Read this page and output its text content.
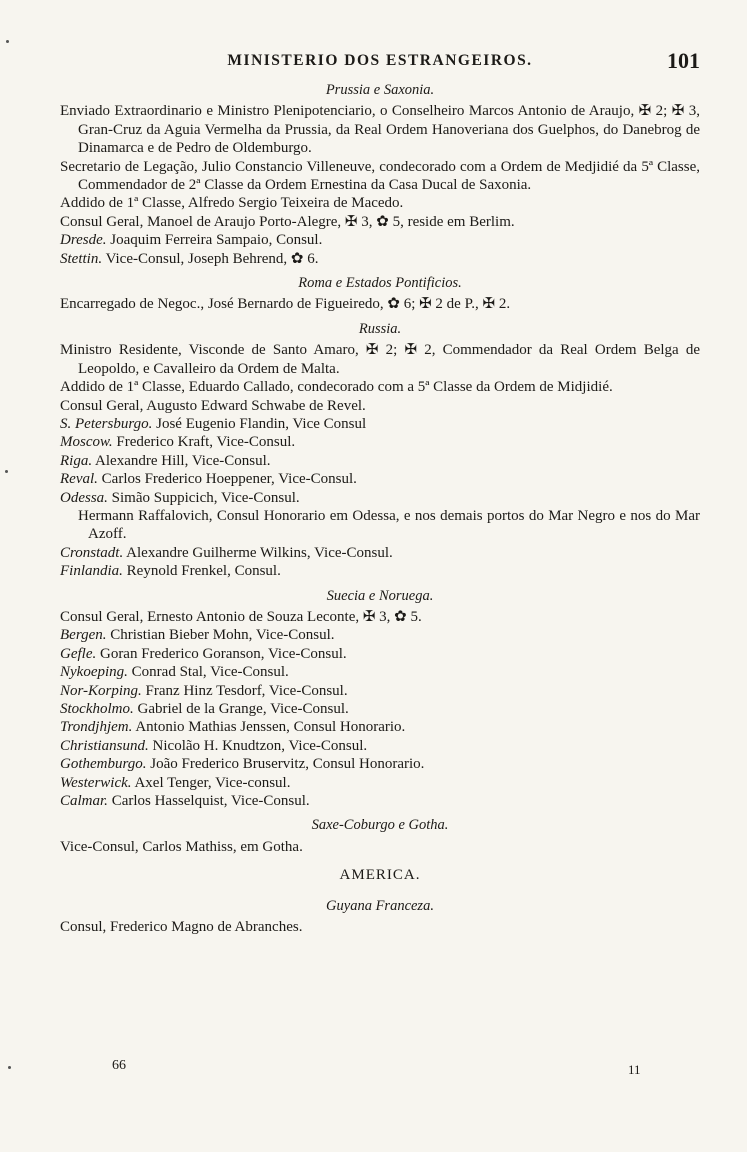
MINISTERIO DOS ESTRANGEIROS.	101
Prussia e Saxonia.

Enviado Extraordinario e Ministro Plenipotenciario, o Conselheiro Marcos Antonio de Araujo, ✠ 2; ✠ 3, Gran-Cruz da Aguia Vermelha da Prussia, da Real Ordem Hanoveriana dos Guelphos, do Danebrog de Dinamarca e de Pedro de Oldemburgo.

Secretario de Legação, Julio Constancio Villeneuve, condecorado com a Ordem de Medjidié da 5ª Classe, Commendador de 2ª Classe da Ordem Ernestina da Casa Ducal de Saxonia.

Addido de 1ª Classe, Alfredo Sergio Teixeira de Macedo.

Consul Geral, Manoel de Araujo Porto-Alegre, ✠ 3, ✿ 5, reside em Berlim.

Dresde. Joaquim Ferreira Sampaio, Consul.

Stettin. Vice-Consul, Joseph Behrend, ✿ 6.

Roma e Estados Pontificios.

Encarregado de Negoc., José Bernardo de Figueiredo, ✿ 6; ✠ 2 de P., ✠ 2.

Russia.

Ministro Residente, Visconde de Santo Amaro, ✠ 2; ✠ 2, Commendador da Real Ordem Belga de Leopoldo, e Cavalleiro da Ordem de Malta.

Addido de 1ª Classe, Eduardo Callado, condecorado com a 5ª Classe da Ordem de Midjidié.

Consul Geral, Augusto Edward Schwabe de Revel.

S. Petersburgo. José Eugenio Flandin, Vice Consul

Moscow. Frederico Kraft, Vice-Consul.

Riga. Alexandre Hill, Vice-Consul.

Reval. Carlos Frederico Hoeppener, Vice-Consul.

Odessa. Simão Suppicich, Vice-Consul.

Hermann Raffalovich, Consul Honorario em Odessa, e nos demais portos do Mar Negro e nos do Mar Azoff.

Cronstadt. Alexandre Guilherme Wilkins, Vice-Consul.

Finlandia. Reynold Frenkel, Consul.

Suecia e Noruega.

Consul Geral, Ernesto Antonio de Souza Leconte, ✠ 3, ✿ 5.

Bergen. Christian Bieber Mohn, Vice-Consul.

Gefle. Goran Frederico Goranson, Vice-Consul.

Nykoeping. Conrad Stal, Vice-Consul.

Nor-Korping. Franz Hinz Tesdorf, Vice-Consul.

Stockholmo. Gabriel de la Grange, Vice-Consul.

Trondjhjem. Antonio Mathias Jenssen, Consul Honorario.

Christiansund. Nicolão H. Knudtzon, Vice-Consul.

Gothemburgo. João Frederico Bruservitz, Consul Honorario.

Westerwick. Axel Tenger, Vice-consul.

Calmar. Carlos Hasselquist, Vice-Consul.

Saxe-Coburgo e Gotha.

Vice-Consul, Carlos Mathiss, em Gotha.

AMERICA.
Guyana Franceza.

Consul, Frederico Magno de Abranches.

66	11
